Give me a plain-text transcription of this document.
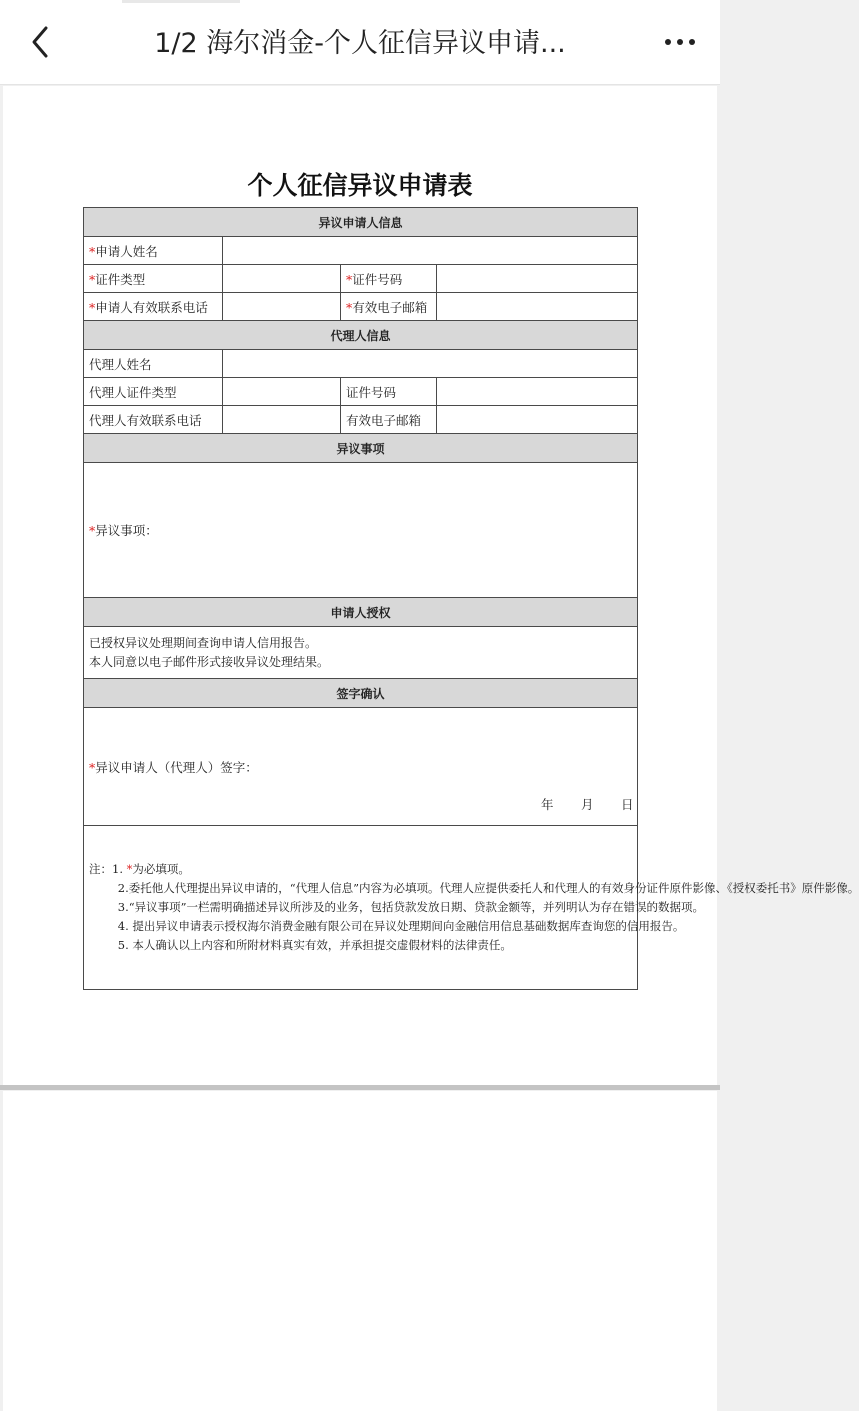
1/2 海尔消金-个人征信异议申请...
个人征信异议申请表
异议申请人信息			
*申请人姓名			
*证件类型		*证件号码	
*申请人有效联系电话		*有效电子邮箱	
代理人信息			
代理人姓名			
代理人证件类型		证件号码	
代理人有效联系电话		有效电子邮箱	
异议事项			
*异议事项：			
申请人授权			

已授权异议处理期间查询申请人信用报告。
本人同意以电子邮件形式接收异议处理结果。			

签字确认			
*异议申请人（代理人）签字：
年 月 日			

注：1. *为必填项。

2.委托他人代理提出异议申请的，“代理人信息”内容为必填项。代理人应提供委托人和代理人的有效身份证件原件影像、《授权委托书》原件影像。

3.“异议事项”一栏需明确描述异议所涉及的业务，包括贷款发放日期、贷款金额等，并列明认为存在错误的数据项。

4. 提出异议申请表示授权海尔消费金融有限公司在异议处理期间向金融信用信息基础数据库查询您的信用报告。

5. 本人确认以上内容和所附材料真实有效，并承担提交虚假材料的法律责任。			
